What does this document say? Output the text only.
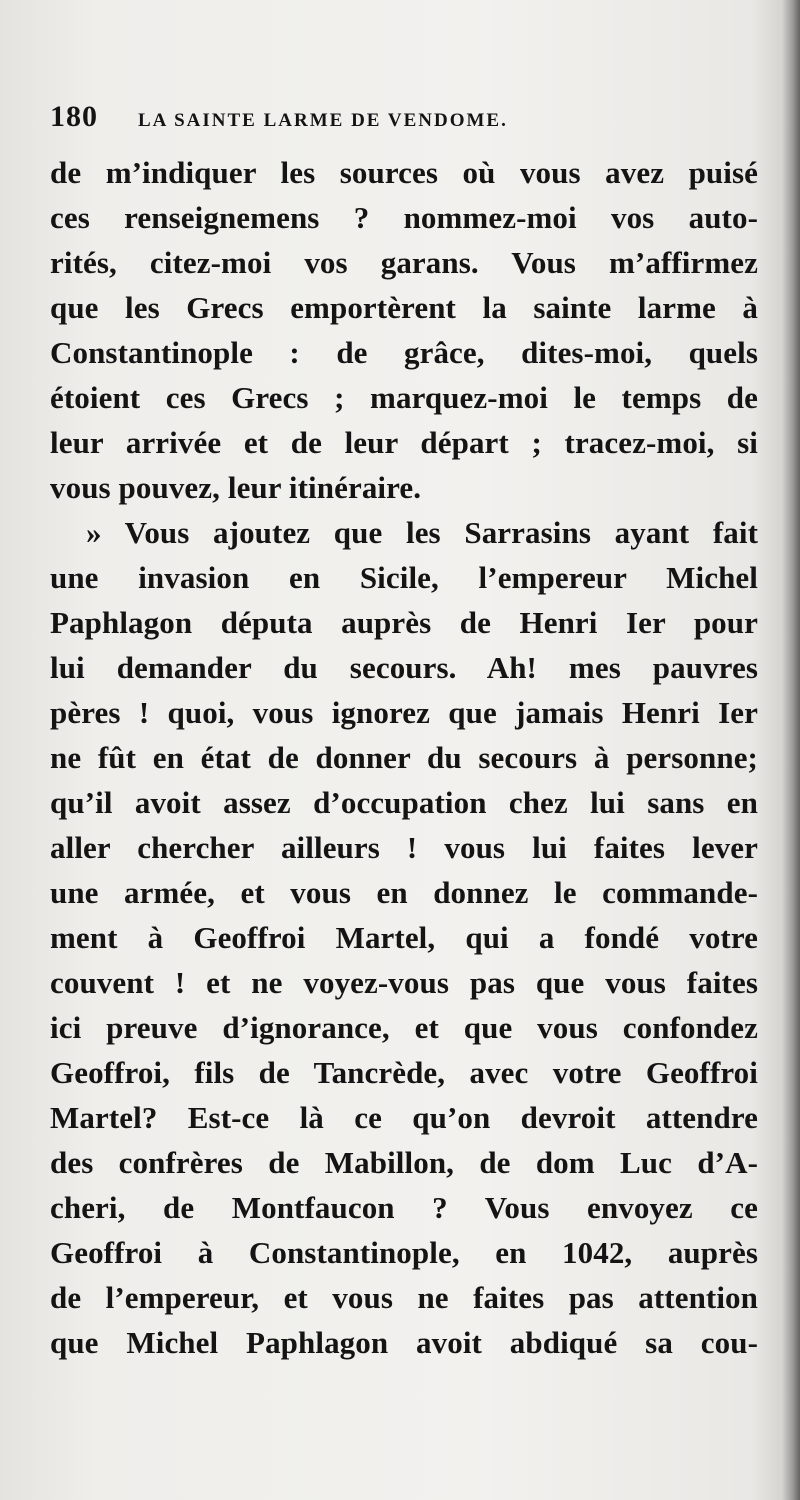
180 LA SAINTE LARME DE VENDOME.
de m’indiquer les sources où vous avez puisé
ces renseignemens ? nommez-moi vos auto-
rités, citez-moi vos garans. Vous m’affirmez
que les Grecs emportèrent la sainte larme à
Constantinople : de grâce, dites-moi, quels
étoient ces Grecs ; marquez-moi le temps de
leur arrivée et de leur départ ; tracez-moi, si
vous pouvez, leur itinéraire.
» Vous ajoutez que les Sarrasins ayant fait
une invasion en Sicile, l’empereur Michel
Paphlagon députa auprès de Henri Ier pour
lui demander du secours. Ah! mes pauvres
pères ! quoi, vous ignorez que jamais Henri Ier
ne fût en état de donner du secours à personne;
qu’il avoit assez d’occupation chez lui sans en
aller chercher ailleurs ! vous lui faites lever
une armée, et vous en donnez le commande-
ment à Geoffroi Martel, qui a fondé votre
couvent ! et ne voyez-vous pas que vous faites
ici preuve d’ignorance, et que vous confondez
Geoffroi, fils de Tancrède, avec votre Geoffroi
Martel? Est-ce là ce qu’on devroit attendre
des confrères de Mabillon, de dom Luc d’A-
cheri, de Montfaucon ? Vous envoyez ce
Geoffroi à Constantinople, en 1042, auprès
de l’empereur, et vous ne faites pas attention
que Michel Paphlagon avoit abdiqué sa cou-
